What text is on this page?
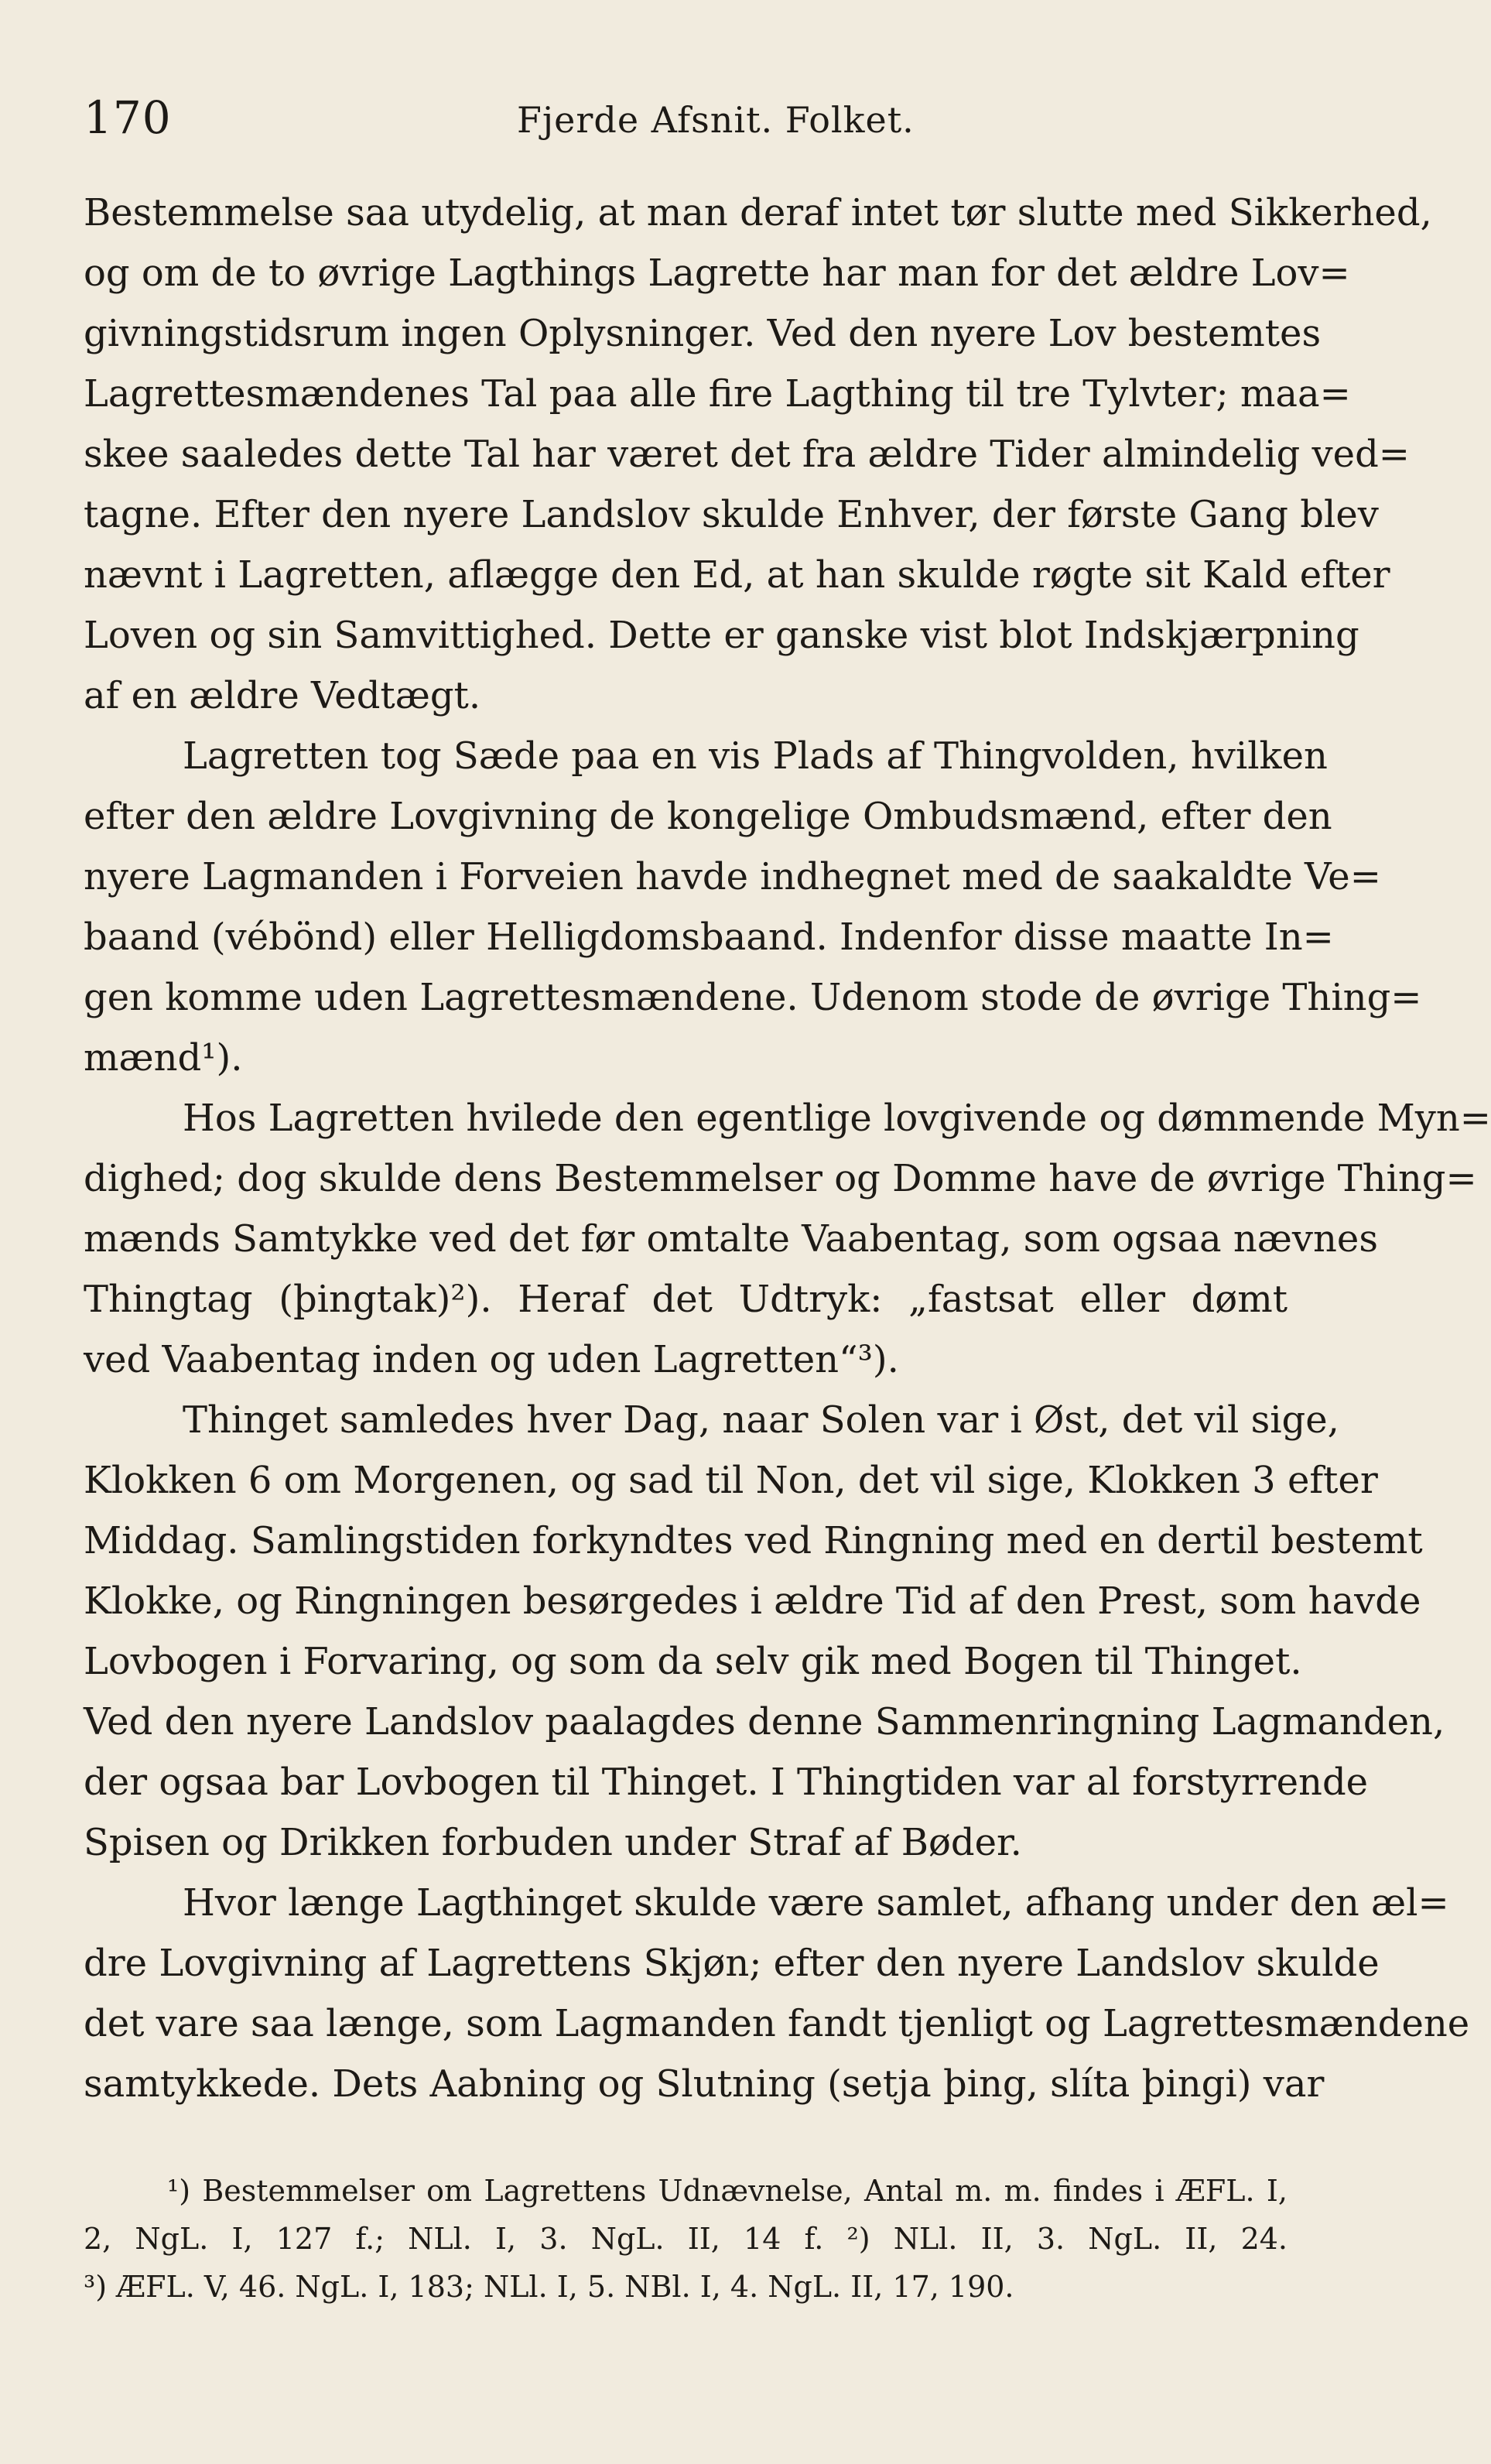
170	Fjerde Afsnit. Folket.
Bestemmelse saa utydelig, at man deraf intet tør slutte med Sikkerhed,
og om de to øvrige Lagthings Lagrette har man for det ældre Lov=
givningstidsrum ingen Oplysninger. Ved den nyere Lov bestemtes
Lagrettesmændenes Tal paa alle fire Lagthing til tre Tylvter; maa=
skee saaledes dette Tal har været det fra ældre Tider almindelig ved=
tagne. Efter den nyere Landslov skulde Enhver, der første Gang blev
nævnt i Lagretten, aflægge den Ed, at han skulde røgte sit Kald efter
Loven og sin Samvittighed. Dette er ganske vist blot Indskjærpning
af en ældre Vedtægt.
Lagretten tog Sæde paa en vis Plads af Thingvolden, hvilken
efter den ældre Lovgivning de kongelige Ombudsmænd, efter den
nyere Lagmanden i Forveien havde indhegnet med de saakaldte Ve=
baand (vébönd) eller Helligdomsbaand. Indenfor disse maatte In=
gen komme uden Lagrettesmændene. Udenom stode de øvrige Thing=
mænd¹).
Hos Lagretten hvilede den egentlige lovgivende og dømmende Myn=
dighed; dog skulde dens Bestemmelser og Domme have de øvrige Thing=
mænds Samtykke ved det før omtalte Vaabentag, som ogsaa nævnes
Thingtag (þingtak)²). Heraf det Udtryk: „fastsat eller dømt
ved Vaabentag inden og uden Lagretten“³).
Thinget samledes hver Dag, naar Solen var i Øst, det vil sige,
Klokken 6 om Morgenen, og sad til Non, det vil sige, Klokken 3 efter
Middag. Samlingstiden forkyndtes ved Ringning med en dertil bestemt
Klokke, og Ringningen besørgedes i ældre Tid af den Prest, som havde
Lovbogen i Forvaring, og som da selv gik med Bogen til Thinget.
Ved den nyere Landslov paalagdes denne Sammenringning Lagmanden,
der ogsaa bar Lovbogen til Thinget. I Thingtiden var al forstyrrende
Spisen og Drikken forbuden under Straf af Bøder.
Hvor længe Lagthinget skulde være samlet, afhang under den æl=
dre Lovgivning af Lagrettens Skjøn; efter den nyere Landslov skulde
det vare saa længe, som Lagmanden fandt tjenligt og Lagrettesmændene
samtykkede. Dets Aabning og Slutning (setja þing, slíta þingi) var
¹) Bestemmelser om Lagrettens Udnævnelse, Antal m. m. findes i ÆFL. I,
2, NgL. I, 127 f.; NLl. I, 3. NgL. II, 14 f. ²) NLl. II, 3. NgL. II, 24.
³) ÆFL. V, 46. NgL. I, 183; NLl. I, 5. NBl. I, 4. NgL. II, 17, 190.
